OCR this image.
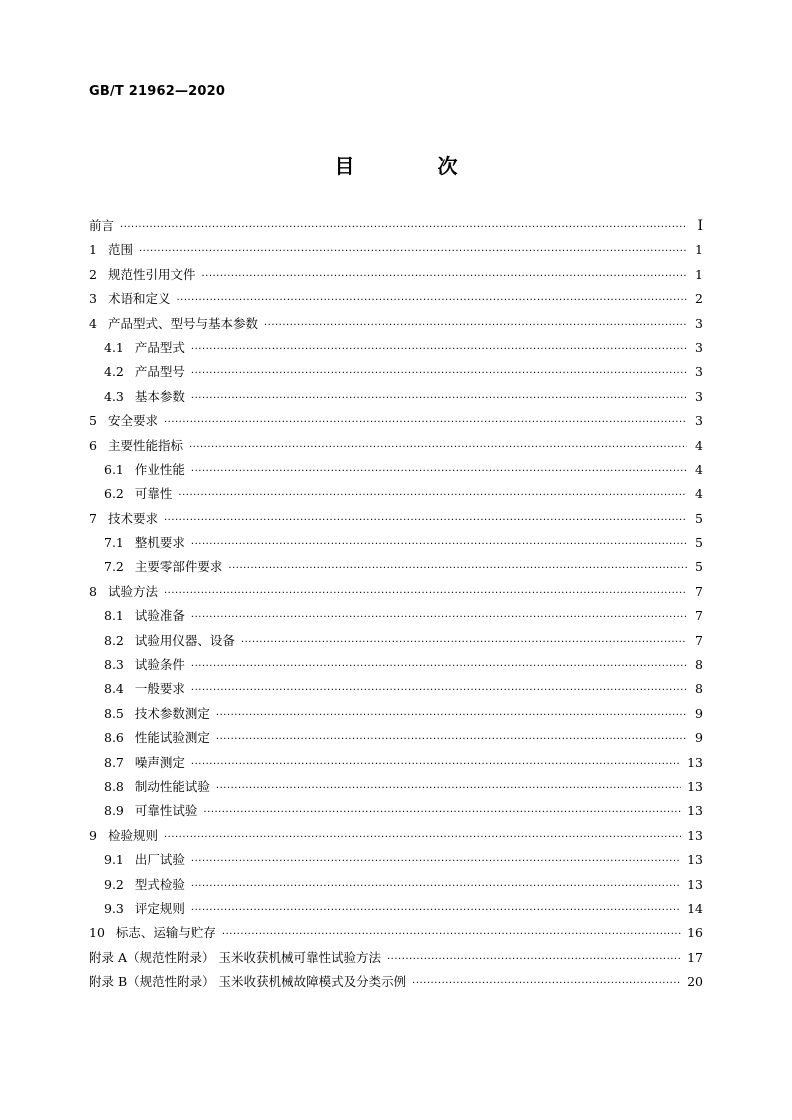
GB/T 21962—2020
目 次
前言 ·····	I
1 范围 ·····	1
2 规范性引用文件 ·····	1
3 术语和定义 ·····	2
4 产品型式、型号与基本参数 ·····	3
4.1 产品型式 ·····	3
4.2 产品型号 ·····	3
4.3 基本参数 ·····	3
5 安全要求 ·····	3
6 主要性能指标 ·····	4
6.1 作业性能 ·····	4
6.2 可靠性 ·····	4
7 技术要求 ·····	5
7.1 整机要求 ·····	5
7.2 主要零部件要求 ·····	5
8 试验方法 ·····	7
8.1 试验准备 ·····	7
8.2 试验用仪器、设备 ·····	7
8.3 试验条件 ·····	8
8.4 一般要求 ·····	8
8.5 技术参数测定 ·····	9
8.6 性能试验测定 ·····	9
8.7 噪声测定 ·····	13
8.8 制动性能试验 ·····	13
8.9 可靠性试验 ·····	13
9 检验规则 ·····	13
9.1 出厂试验 ·····	13
9.2 型式检验 ·····	13
9.3 评定规则 ·····	14
10 标志、运输与贮存 ·····	16
附录 A（规范性附录） 玉米收获机械可靠性试验方法 ·····	17
附录 B（规范性附录） 玉米收获机械故障模式及分类示例 ·····	20
